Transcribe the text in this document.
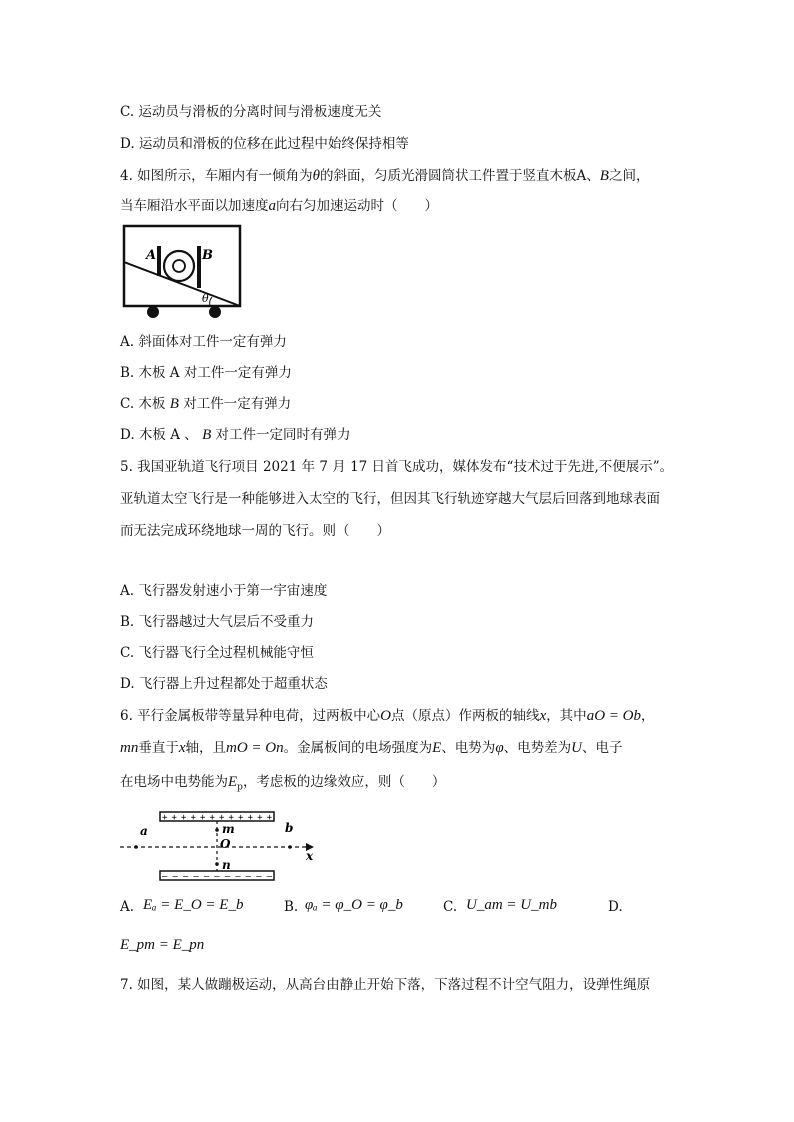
C. 运动员与滑板的分离时间与滑板速度无关
D. 运动员和滑板的位移在此过程中始终保持相等
4. 如图所示，车厢内有一倾角为θ的斜面，匀质光滑圆筒状工件置于竖直木板A、B之间，
当车厢沿水平面以加速度a向右匀加速运动时（　　）
A	B
θ
A. 斜面体对工件一定有弹力
B. 木板 A 对工件一定有弹力
C. 木板 B 对工件一定有弹力
D. 木板 A 、 B 对工件一定同时有弹力
5. 我国亚轨道飞行项目 2021 年 7 月 17 日首飞成功，媒体发布“技术过于先进,不便展示”。
亚轨道太空飞行是一种能够进入太空的飞行，但因其飞行轨迹穿越大气层后回落到地球表面
而无法完成环绕地球一周的飞行。则（　　）
A. 飞行器发射速小于第一宇宙速度
B. 飞行器越过大气层后不受重力
C. 飞行器飞行全过程机械能守恒
D. 飞行器上升过程都处于超重状态
6. 平行金属板带等量异种电荷，过两板中心O点（原点）作两板的轴线x，其中aO = Ob，
mn垂直于x轴，且mO = On。金属板间的电场强度为E、电势为φ、电势差为U、电子
在电场中电势能为$E_p$，考虑板的边缘效应，则（　　）
+ + + + + + + + + + + +
– – – – – – – – – – –
a	m
O
b
n
x
A. Eₐ = E_O = E_b	B. φₐ = φ_O = φ_b	C. U_am = U_mb	D.
E_pm = E_pn
7. 如图，某人做蹦极运动，从高台由静止开始下落，下落过程不计空气阻力，设弹性绳原
